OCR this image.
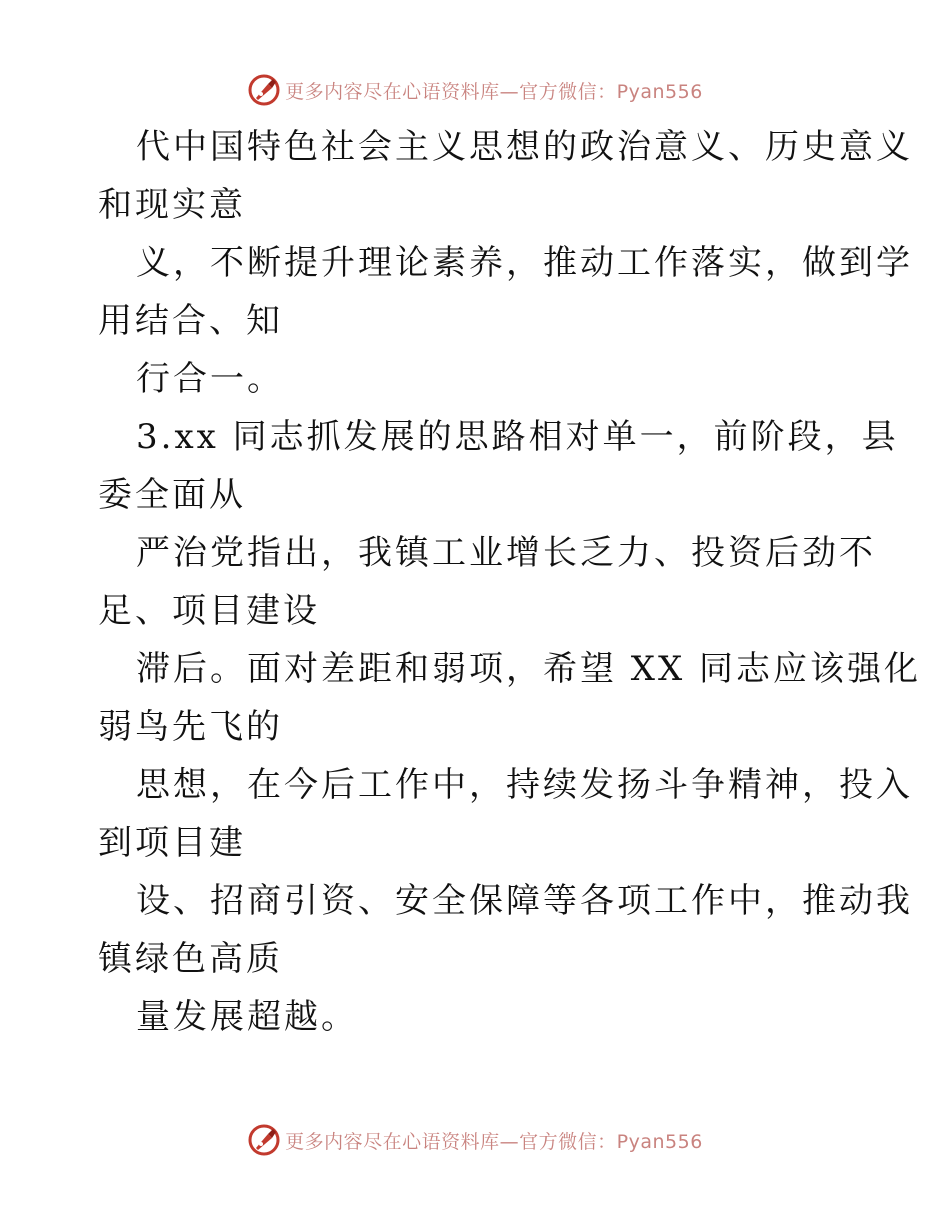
更多内容尽在心语资料库—官方微信：Pyan556
代中国特色社会主义思想的政治意义、历史意义
和现实意
义，不断提升理论素养，推动工作落实，做到学
用结合、知
行合一。
3.xx 同志抓发展的思路相对单一，前阶段，县
委全面从
严治党指出，我镇工业增长乏力、投资后劲不
足、项目建设
滞后。面对差距和弱项，希望 XX 同志应该强化
弱鸟先飞的
思想，在今后工作中，持续发扬斗争精神，投入
到项目建
设、招商引资、安全保障等各项工作中，推动我
镇绿色高质
量发展超越。
更多内容尽在心语资料库—官方微信：Pyan556
